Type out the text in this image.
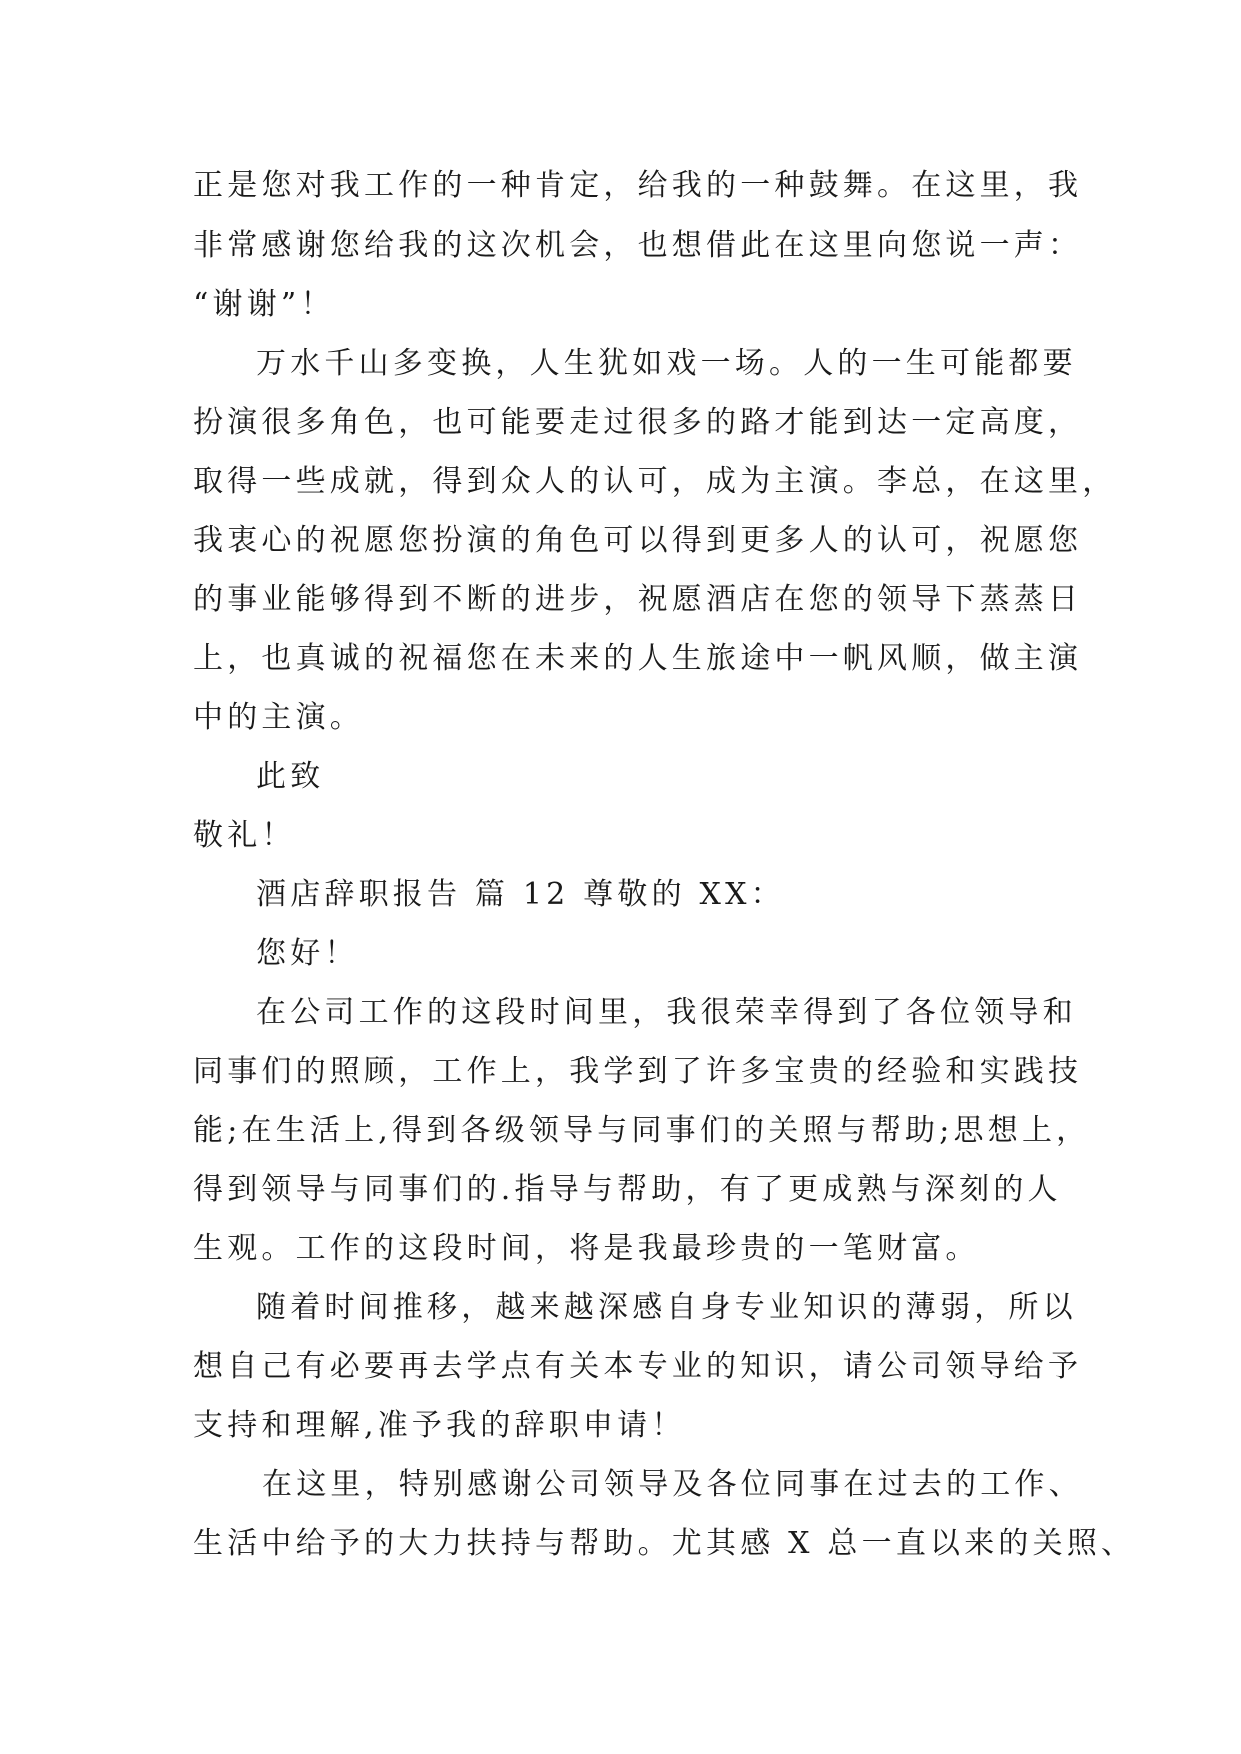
正是您对我工作的一种肯定，给我的一种鼓舞。在这里，我
非常感谢您给我的这次机会，也想借此在这里向您说一声：
“谢谢”！
万水千山多变换，人生犹如戏一场。人的一生可能都要
扮演很多角色，也可能要走过很多的路才能到达一定高度，
取得一些成就，得到众人的认可，成为主演。李总，在这里，
我衷心的祝愿您扮演的角色可以得到更多人的认可，祝愿您
的事业能够得到不断的进步，祝愿酒店在您的领导下蒸蒸日
上，也真诚的祝福您在未来的人生旅途中一帆风顺，做主演
中的主演。
此致
敬礼！
酒店辞职报告 篇 12 尊敬的 XX：
您好！
在公司工作的这段时间里，我很荣幸得到了各位领导和
同事们的照顾，工作上，我学到了许多宝贵的经验和实践技
能;在生活上,得到各级领导与同事们的关照与帮助;思想上，
得到领导与同事们的.指导与帮助，有了更成熟与深刻的人
生观。工作的这段时间，将是我最珍贵的一笔财富。
随着时间推移，越来越深感自身专业知识的薄弱，所以
想自己有必要再去学点有关本专业的知识，请公司领导给予
支持和理解,准予我的辞职申请！
在这里，特别感谢公司领导及各位同事在过去的工作、
生活中给予的大力扶持与帮助。尤其感 X 总一直以来的关照、
